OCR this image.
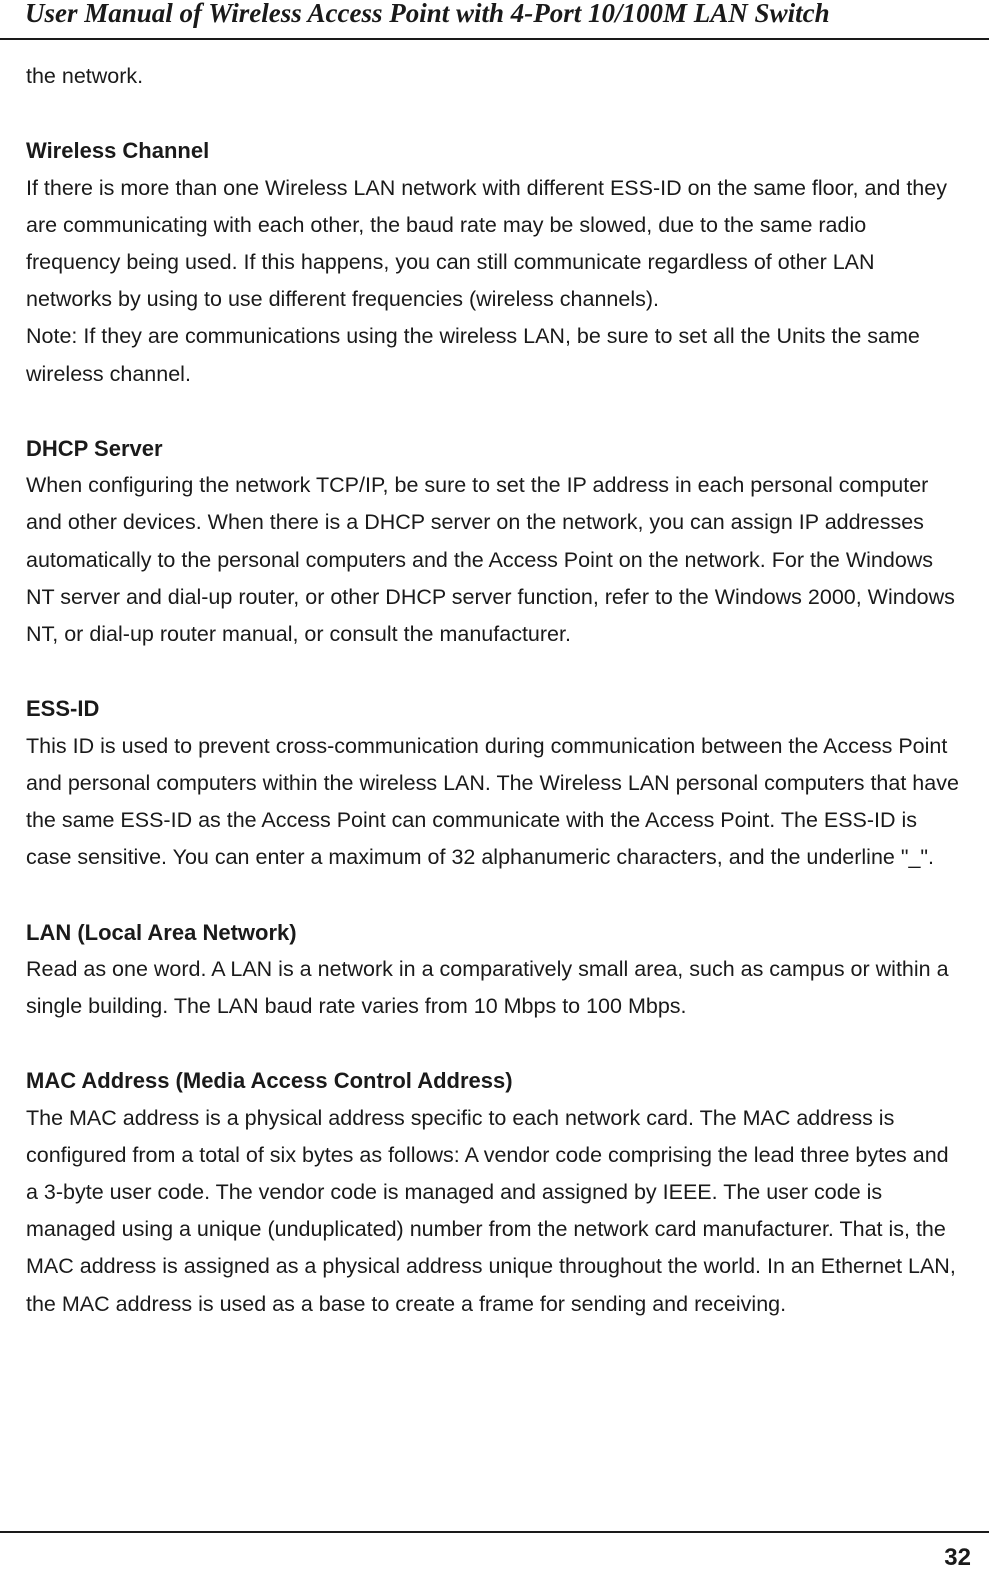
User Manual of Wireless Access Point with 4-Port 10/100M LAN Switch

the network.

Wireless Channel

If there is more than one Wireless LAN network with different ESS-ID on the same floor, and they are communicating with each other, the baud rate may be slowed, due to the same radio frequency being used. If this happens, you can still communicate regardless of other LAN networks by using to use different frequencies (wireless channels).

Note: If they are communications using the wireless LAN, be sure to set all the Units the same wireless channel.

DHCP Server

When configuring the network TCP/IP, be sure to set the IP address in each personal computer and other devices. When there is a DHCP server on the network, you can assign IP addresses automatically to the personal computers and the Access Point on the network. For the Windows NT server and dial-up router, or other DHCP server function, refer to the Windows 2000, Windows NT, or dial-up router manual, or consult the manufacturer.

ESS-ID

This ID is used to prevent cross-communication during communication between the Access Point and personal computers within the wireless LAN. The Wireless LAN personal computers that have the same ESS-ID as the Access Point can communicate with the Access Point. The ESS-ID is case sensitive. You can enter a maximum of 32 alphanumeric characters, and the underline "_".

LAN (Local Area Network)

Read as one word. A LAN is a network in a comparatively small area, such as campus or within a single building. The LAN baud rate varies from 10 Mbps to 100 Mbps.

MAC Address (Media Access Control Address)

The MAC address is a physical address specific to each network card. The MAC address is configured from a total of six bytes as follows: A vendor code comprising the lead three bytes and a 3-byte user code. The vendor code is managed and assigned by IEEE. The user code is managed using a unique (unduplicated) number from the network card manufacturer. That is, the MAC address is assigned as a physical address unique throughout the world. In an Ethernet LAN, the MAC address is used as a base to create a frame for sending and receiving.

32
